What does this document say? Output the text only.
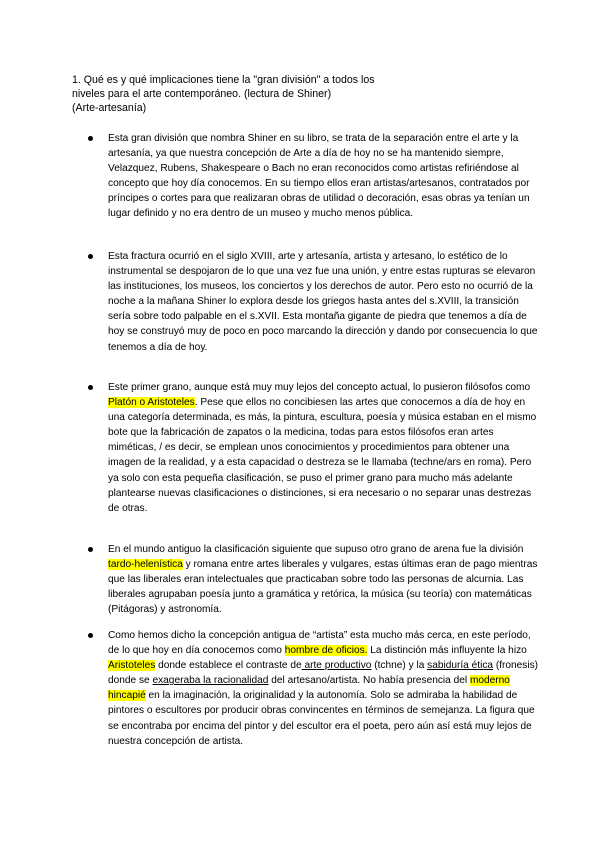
1. Qué es y qué implicaciones tiene la "gran división" a todos los
niveles para el arte contemporáneo. (lectura de Shiner)
(Arte-artesanía)

Esta gran división que nombra Shiner en su libro, se trata de la separación entre el arte y la artesanía, ya que nuestra concepción de Arte a día de hoy no se ha mantenido siempre, Velazquez, Rubens, Shakespeare o Bach no eran reconocidos como artistas refiriéndose al concepto que hoy día conocemos. En su tiempo ellos eran artistas/artesanos, contratados por príncipes o cortes para que realizaran obras de utilidad o decoración, esas obras ya tenían un lugar definido y no era dentro de un museo y mucho menos pública.

Esta fractura ocurrió en el siglo XVIII, arte y artesanía, artista y artesano, lo estético de lo instrumental se despojaron de lo que una vez fue una unión, y entre estas rupturas se elevaron las instituciones, los museos, los conciertos y los derechos de autor. Pero esto no ocurrió de la noche a la mañana Shiner lo explora desde los griegos hasta antes del s.XVIII, la transición sería sobre todo palpable en el s.XVII. Esta montaña gigante de piedra que tenemos a día de hoy se construyó muy de poco en poco marcando la dirección y dando por consecuencia lo que tenemos a día de hoy.

Este primer grano, aunque está muy muy lejos del concepto actual, lo pusieron filósofos como Platón o Aristoteles. Pese que ellos no concibiesen las artes que conocemos a día de hoy en una categoría determinada, es más, la pintura, escultura, poesía y música estaban en el mismo bote que la fabricación de zapatos o la medicina, todas para estos filósofos eran artes miméticas, / es decir, se emplean unos conocimientos y procedimientos para obtener una imagen de la realidad, y a esta capacidad o destreza se le llamaba (techne/ars en roma). Pero ya solo con esta pequeña clasificación, se puso el primer grano para mucho más adelante plantearse nuevas clasificaciones o distinciones, si era necesario o no separar unas destrezas de otras.

En el mundo antiguo la clasificación siguiente que supuso otro grano de arena fue la división tardo-helenística y romana entre artes liberales y vulgares, estas últimas eran de pago mientras que las liberales eran intelectuales que practicaban sobre todo las personas de alcurnia. Las liberales agrupaban poesía junto a gramática y retórica, la música (su teoría) con matemáticas (Pitágoras) y astronomía.

Como hemos dicho la concepción antigua de “artista” esta mucho más cerca, en este período, de lo que hoy en día conocemos como hombre de oficios. La distinción más influyente la hizo Aristoteles donde establece el contraste de arte productivo (tchne) y la sabiduría ética (fronesis) donde se exageraba la racionalidad del artesano/artista. No había presencia del moderno hincapié en la imaginación, la originalidad y la autonomía. Solo se admiraba la habilidad de pintores o escultores por producir obras convincentes en términos de semejanza. La figura que se encontraba por encima del pintor y del escultor era el poeta, pero aún así está muy lejos de nuestra concepción de artista.
